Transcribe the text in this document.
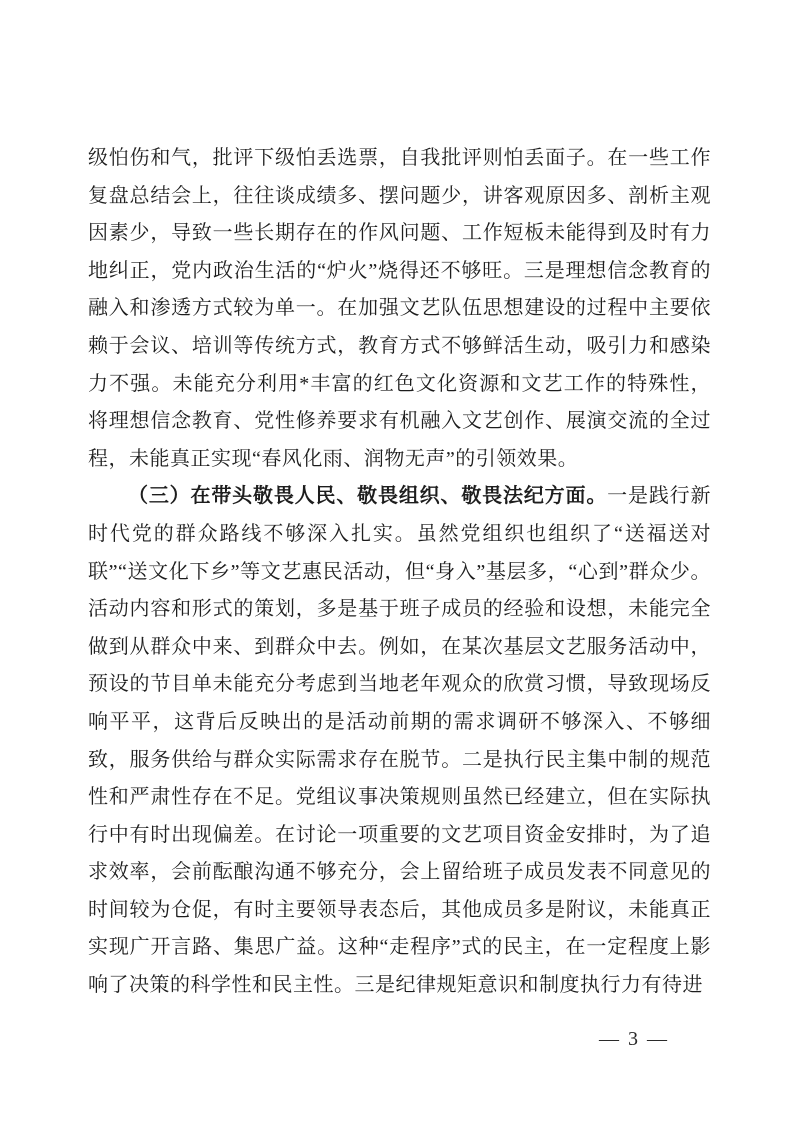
级怕伤和气，批评下级怕丢选票，自我批评则怕丢面子。在一些工作复盘总结会上，往往谈成绩多、摆问题少，讲客观原因多、剖析主观因素少，导致一些长期存在的作风问题、工作短板未能得到及时有力地纠正，党内政治生活的“炉火”烧得还不够旺。三是理想信念教育的融入和渗透方式较为单一。在加强文艺队伍思想建设的过程中主要依赖于会议、培训等传统方式，教育方式不够鲜活生动，吸引力和感染力不强。未能充分利用*丰富的红色文化资源和文艺工作的特殊性，将理想信念教育、党性修养要求有机融入文艺创作、展演交流的全过程，未能真正实现“春风化雨、润物无声”的引领效果。

（三）在带头敬畏人民、敬畏组织、敬畏法纪方面。一是践行新时代党的群众路线不够深入扎实。虽然党组织也组织了“送福送对联”“送文化下乡”等文艺惠民活动，但“身入”基层多，“心到”群众少。活动内容和形式的策划，多是基于班子成员的经验和设想，未能完全做到从群众中来、到群众中去。例如，在某次基层文艺服务活动中，预设的节目单未能充分考虑到当地老年观众的欣赏习惯，导致现场反响平平，这背后反映出的是活动前期的需求调研不够深入、不够细致，服务供给与群众实际需求存在脱节。二是执行民主集中制的规范性和严肃性存在不足。党组议事决策规则虽然已经建立，但在实际执行中有时出现偏差。在讨论一项重要的文艺项目资金安排时，为了追求效率，会前酝酿沟通不够充分，会上留给班子成员发表不同意见的时间较为仓促，有时主要领导表态后，其他成员多是附议，未能真正实现广开言路、集思广益。这种“走程序”式的民主，在一定程度上影响了决策的科学性和民主性。三是纪律规矩意识和制度执行力有待进

— 3 —
